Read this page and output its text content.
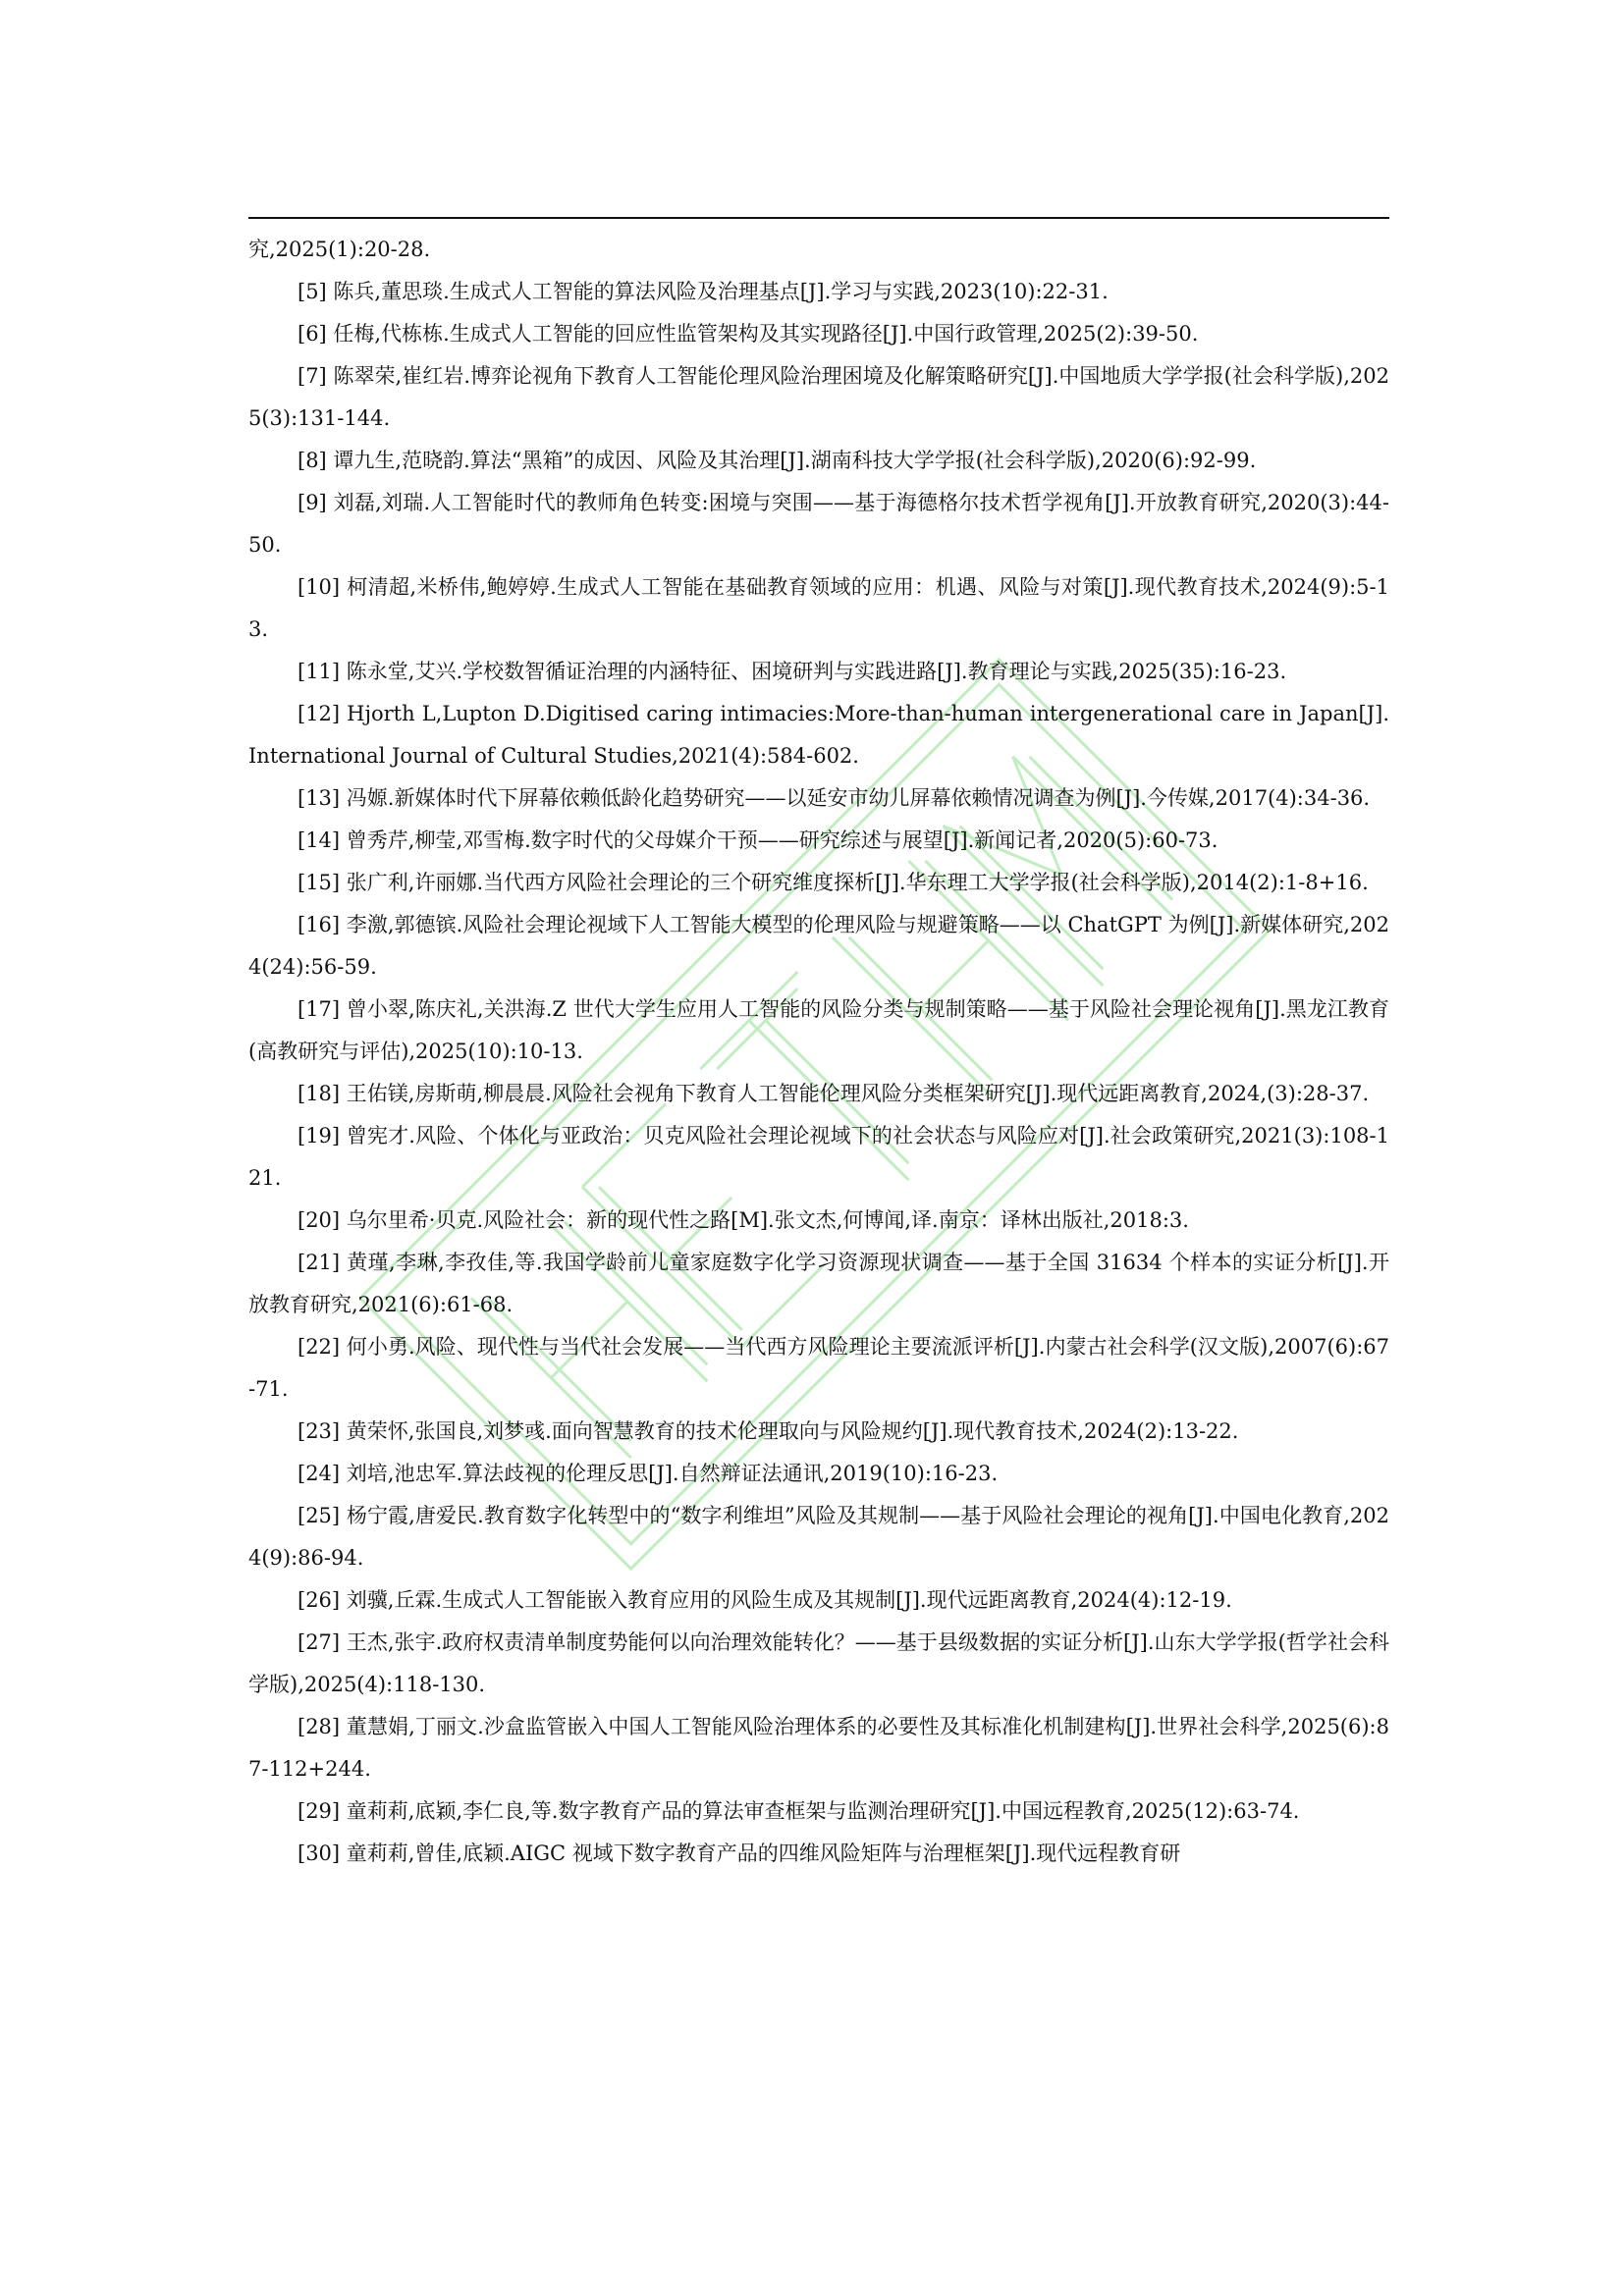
究,2025(1):20-28.
[5] 陈兵,董思琰.生成式人工智能的算法风险及治理基点[J].学习与实践,2023(10):22-31.
[6] 任梅,代栋栋.生成式人工智能的回应性监管架构及其实现路径[J].中国行政管理,2025(2):39-50.
[7] 陈翠荣,崔红岩.博弈论视角下教育人工智能伦理风险治理困境及化解策略研究[J].中国地质大学学报(社会科学版),2025(3):131-144.
[8] 谭九生,范晓韵.算法“黑箱”的成因、风险及其治理[J].湖南科技大学学报(社会科学版),2020(6):92-99.
[9] 刘磊,刘瑞.人工智能时代的教师角色转变:困境与突围——基于海德格尔技术哲学视角[J].开放教育研究,2020(3):44-50.
[10] 柯清超,米桥伟,鲍婷婷.生成式人工智能在基础教育领域的应用：机遇、风险与对策[J].现代教育技术,2024(9):5-13.
[11] 陈永堂,艾兴.学校数智循证治理的内涵特征、困境研判与实践进路[J].教育理论与实践,2025(35):16-23.
[12] Hjorth L,Lupton D.Digitised caring intimacies:More-than-human intergenerational care in Japan[J].International Journal of Cultural Studies,2021(4):584-602.
[13] 冯嫄.新媒体时代下屏幕依赖低龄化趋势研究——以延安市幼儿屏幕依赖情况调查为例[J].今传媒,2017(4):34-36.
[14] 曾秀芹,柳莹,邓雪梅.数字时代的父母媒介干预——研究综述与展望[J].新闻记者,2020(5):60-73.
[15] 张广利,许丽娜.当代西方风险社会理论的三个研究维度探析[J].华东理工大学学报(社会科学版),2014(2):1-8+16.
[16] 李激,郭德镔.风险社会理论视域下人工智能大模型的伦理风险与规避策略——以 ChatGPT 为例[J].新媒体研究,2024(24):56-59.
[17] 曾小翠,陈庆礼,关洪海.Z 世代大学生应用人工智能的风险分类与规制策略——基于风险社会理论视角[J].黑龙江教育(高教研究与评估),2025(10):10-13.
[18] 王佑镁,房斯萌,柳晨晨.风险社会视角下教育人工智能伦理风险分类框架研究[J].现代远距离教育,2024,(3):28-37.
[19] 曾宪才.风险、个体化与亚政治：贝克风险社会理论视域下的社会状态与风险应对[J].社会政策研究,2021(3):108-121.
[20] 乌尔里希·贝克.风险社会：新的现代性之路[M].张文杰,何博闻,译.南京：译林出版社,2018:3.
[21] 黄瑾,李琳,李孜佳,等.我国学龄前儿童家庭数字化学习资源现状调查——基于全国 31634 个样本的实证分析[J].开放教育研究,2021(6):61-68.
[22] 何小勇.风险、现代性与当代社会发展——当代西方风险理论主要流派评析[J].内蒙古社会科学(汉文版),2007(6):67-71.
[23] 黄荣怀,张国良,刘梦彧.面向智慧教育的技术伦理取向与风险规约[J].现代教育技术,2024(2):13-22.
[24] 刘培,池忠军.算法歧视的伦理反思[J].自然辩证法通讯,2019(10):16-23.
[25] 杨宁霞,唐爱民.教育数字化转型中的“数字利维坦”风险及其规制——基于风险社会理论的视角[J].中国电化教育,2024(9):86-94.
[26] 刘骥,丘霖.生成式人工智能嵌入教育应用的风险生成及其规制[J].现代远距离教育,2024(4):12-19.
[27] 王杰,张宇.政府权责清单制度势能何以向治理效能转化？——基于县级数据的实证分析[J].山东大学学报(哲学社会科学版),2025(4):118-130.
[28] 董慧娟,丁丽文.沙盒监管嵌入中国人工智能风险治理体系的必要性及其标准化机制建构[J].世界社会科学,2025(6):87-112+244.
[29] 童莉莉,底颖,李仁良,等.数字教育产品的算法审查框架与监测治理研究[J].中国远程教育,2025(12):63-74.
[30] 童莉莉,曾佳,底颖.AIGC 视域下数字教育产品的四维风险矩阵与治理框架[J].现代远程教育研
